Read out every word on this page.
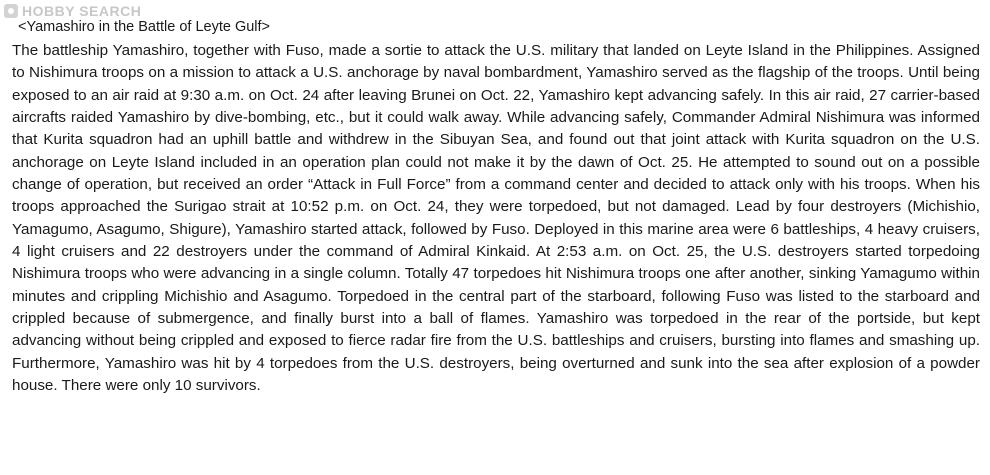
HOBBY SEARCH
<Yamashiro in the Battle of Leyte Gulf>

The battleship Yamashiro, together with Fuso, made a sortie to attack the U.S. military that landed on Leyte Island in the Philippines. Assigned to Nishimura troops on a mission to attack a U.S. anchorage by naval bombardment, Yamashiro served as the flagship of the troops. Until being exposed to an air raid at 9:30 a.m. on Oct. 24 after leaving Brunei on Oct. 22, Yamashiro kept advancing safely. In this air raid, 27 carrier-based aircrafts raided Yamashiro by dive-bombing, etc., but it could walk away. While advancing safely, Commander Admiral Nishimura was informed that Kurita squadron had an uphill battle and withdrew in the Sibuyan Sea, and found out that joint attack with Kurita squadron on the U.S. anchorage on Leyte Island included in an operation plan could not make it by the dawn of Oct. 25. He attempted to sound out on a possible change of operation, but received an order “Attack in Full Force” from a command center and decided to attack only with his troops. When his troops approached the Surigao strait at 10:52 p.m. on Oct. 24, they were torpedoed, but not damaged. Lead by four destroyers (Michishio, Yamagumo, Asagumo, Shigure), Yamashiro started attack, followed by Fuso. Deployed in this marine area were 6 battleships, 4 heavy cruisers, 4 light cruisers and 22 destroyers under the command of Admiral Kinkaid. At 2:53 a.m. on Oct. 25, the U.S. destroyers started torpedoing Nishimura troops who were advancing in a single column. Totally 47 torpedoes hit Nishimura troops one after another, sinking Yamagumo within minutes and crippling Michishio and Asagumo. Torpedoed in the central part of the starboard, following Fuso was listed to the starboard and crippled because of submergence, and finally burst into a ball of flames. Yamashiro was torpedoed in the rear of the portside, but kept advancing without being crippled and exposed to fierce radar fire from the U.S. battleships and cruisers, bursting into flames and smashing up. Furthermore, Yamashiro was hit by 4 torpedoes from the U.S. destroyers, being overturned and sunk into the sea after explosion of a powder house. There were only 10 survivors.
